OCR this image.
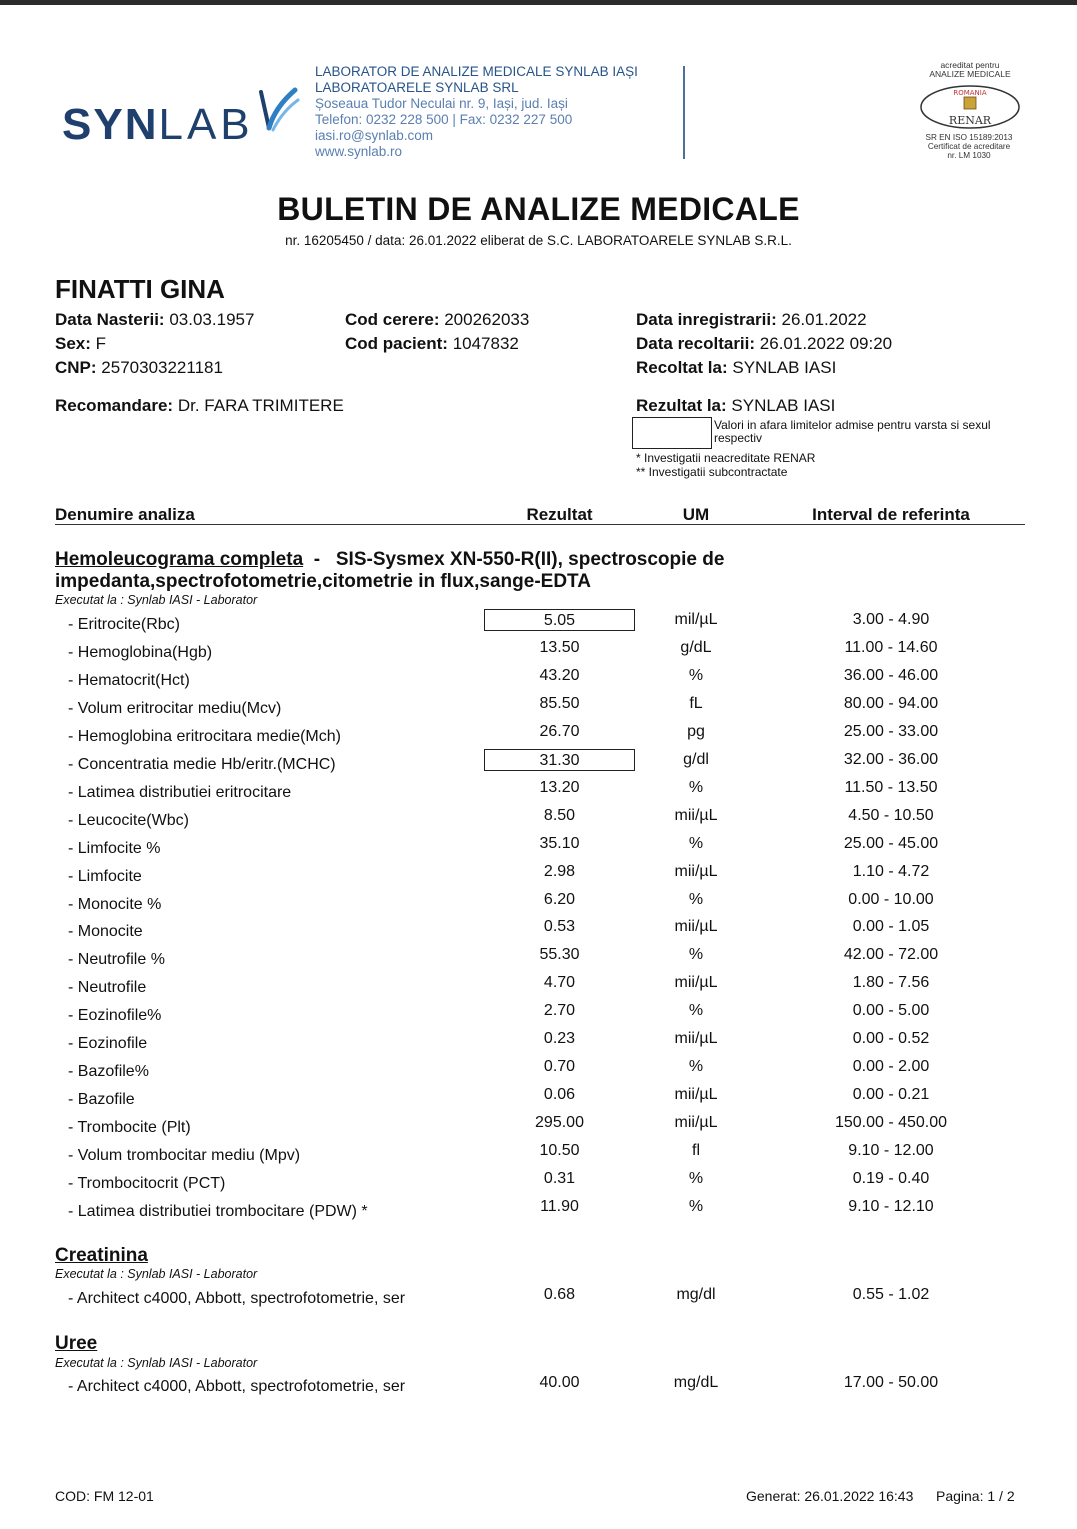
SYNLAB
LABORATOR DE ANALIZE MEDICALE SYNLAB IAȘI
LABORATOARELE SYNLAB SRL
Șoseaua Tudor Neculai nr. 9, Iași, jud. Iași
Telefon: 0232 228 500 | Fax: 0232 227 500
iasi.ro@synlab.com
www.synlab.ro
acreditat pentru
ANALIZE MEDICALE
ROMANIA
RENAR
SR EN ISO 15189:2013
Certificat de acreditare
nr. LM 1030
BULETIN DE ANALIZE MEDICALE
nr. 16205450 / data: 26.01.2022 eliberat de S.C. LABORATOARELE SYNLAB S.R.L.
FINATTI GINA
Data Nasterii: 03.03.1957
Sex: F
CNP: 2570303221181
Cod cerere: 200262033
Cod pacient: 1047832
Data inregistrarii: 26.01.2022
Data recoltarii: 26.01.2022 09:20
Recoltat la: SYNLAB IASI
Recomandare: Dr. FARA TRIMITERE	Rezultat la: SYNLAB IASI
Valori in afara limitelor admise pentru varsta si sexul respectiv
* Investigatii neacreditate RENAR
** Investigatii subcontractate
Denumire analiza	Rezultat	UM	Interval de referinta
Hemoleucograma completa  -   SIS-Sysmex XN-550-R(II), spectroscopie de
impedanta,spectrofotometrie,citometrie in flux,sange-EDTA
Executat la : Synlab IASI - Laborator
- Eritrocite(Rbc)	5.05	mil/µL	3.00 - 4.90
- Hemoglobina(Hgb)	13.50	g/dL	11.00 - 14.60
- Hematocrit(Hct)	43.20	%	36.00 - 46.00
- Volum eritrocitar mediu(Mcv)	85.50	fL	80.00 - 94.00
- Hemoglobina eritrocitara medie(Mch)	26.70	pg	25.00 - 33.00
- Concentratia medie Hb/eritr.(MCHC)	31.30	g/dl	32.00 - 36.00
- Latimea distributiei eritrocitare	13.20	%	11.50 - 13.50
- Leucocite(Wbc)	8.50	mii/µL	4.50 - 10.50
- Limfocite %	35.10	%	25.00 - 45.00
- Limfocite	2.98	mii/µL	1.10 - 4.72
- Monocite %	6.20	%	0.00 - 10.00
- Monocite	0.53	mii/µL	0.00 - 1.05
- Neutrofile %	55.30	%	42.00 - 72.00
- Neutrofile	4.70	mii/µL	1.80 - 7.56
- Eozinofile%	2.70	%	0.00 - 5.00
- Eozinofile	0.23	mii/µL	0.00 - 0.52
- Bazofile%	0.70	%	0.00 - 2.00
- Bazofile	0.06	mii/µL	0.00 - 0.21
- Trombocite (Plt)	295.00	mii/µL	150.00 - 450.00
- Volum trombocitar mediu (Mpv)	10.50	fl	9.10 - 12.00
- Trombocitocrit (PCT)	0.31	%	0.19 - 0.40
- Latimea distributiei trombocitare (PDW) *	11.90	%	9.10 - 12.10
Creatinina
Executat la : Synlab IASI - Laborator
- Architect c4000, Abbott, spectrofotometrie, ser	0.68	mg/dl	0.55 - 1.02
Uree
Executat la : Synlab IASI - Laborator
- Architect c4000, Abbott, spectrofotometrie, ser	40.00	mg/dL	17.00 - 50.00
COD: FM 12-01	Generat: 26.01.2022 16:43 Pagina: 1 / 2
